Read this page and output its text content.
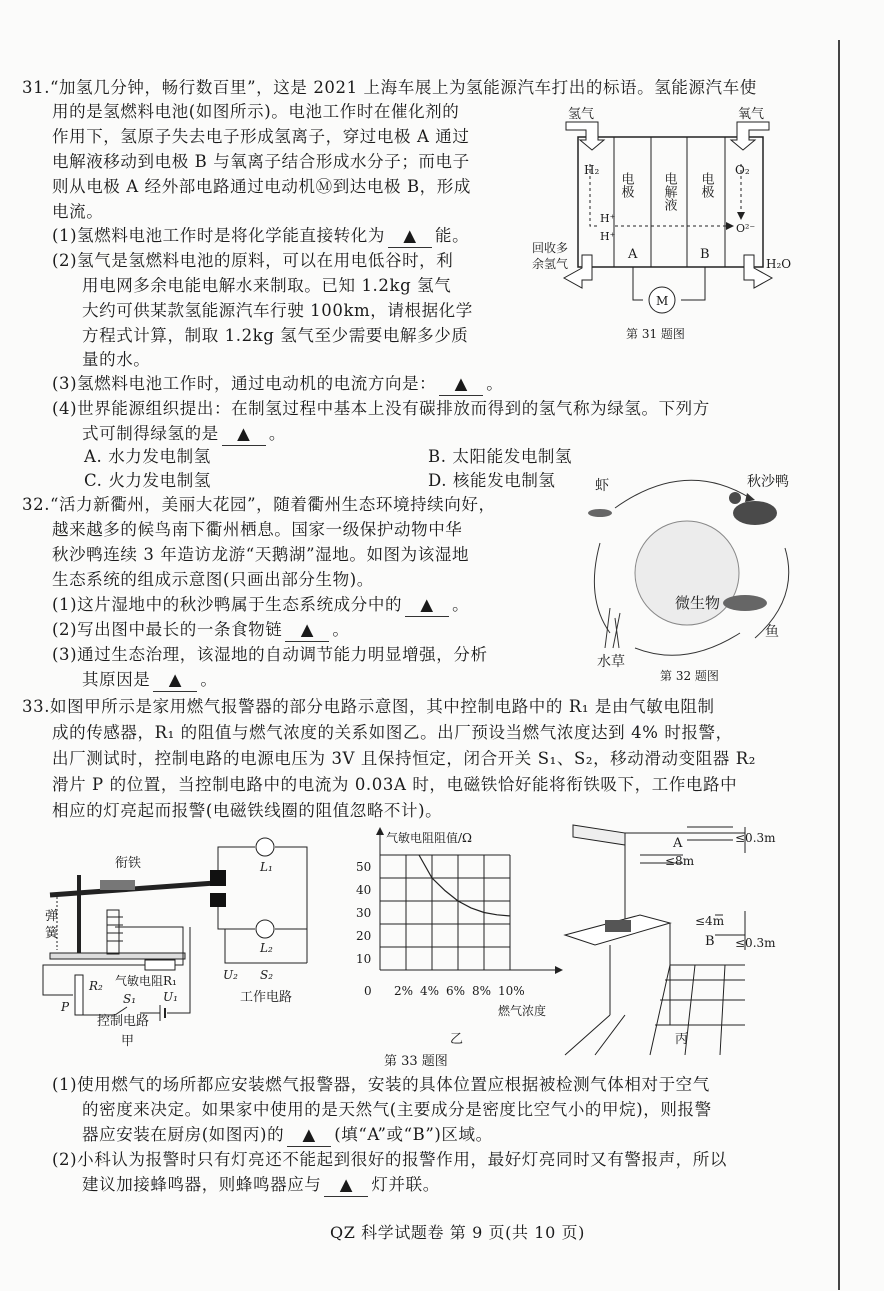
31. “加氢几分钟，畅行数百里”，这是 2021 上海车展上为氢能源汽车打出的标语。氢能源汽车使
用的是氢燃料电池(如图所示)。电池工作时在催化剂的
作用下，氢原子失去电子形成氢离子，穿过电极 A 通过
电解液移动到电极 B 与氧离子结合形成水分子；而电子
则从电极 A 经外部电路通过电动机Ⓜ到达电极 B，形成
电流。
(1)氢燃料电池工作时是将化学能直接转化为 ▲ 能。
(2)氢气是氢燃料电池的原料，可以在用电低谷时，利
用电网多余电能电解水来制取。已知 1.2kg 氢气
大约可供某款氢能源汽车行驶 100km，请根据化学
方程式计算，制取 1.2kg 氢气至少需要电解多少质
量的水。
(3)氢燃料电池工作时，通过电动机的电流方向是： ▲ 。
(4)世界能源组织提出：在制氢过程中基本上没有碳排放而得到的氢气称为绿氢。下列方
式可制得绿氢的是 ▲ 。
A. 水力发电制氢	B. 太阳能发电制氢
C. 火力发电制氢	D. 核能发电制氢
氢气	氧气
H₂
H⁺
H⁺
O₂
O²⁻
电极 电解液 电极
A	B
回收多
余氢气	H₂O
M
第 31 题图
32. “活力新衢州，美丽大花园”，随着衢州生态环境持续向好，
越来越多的候鸟南下衢州栖息。国家一级保护动物中华
秋沙鸭连续 3 年造访龙游“天鹅湖”湿地。如图为该湿地
生态系统的组成示意图(只画出部分生物)。
(1)这片湿地中的秋沙鸭属于生态系统成分中的 ▲ 。
(2)写出图中最长的一条食物链 ▲ 。
(3)通过生态治理，该湿地的自动调节能力明显增强，分析
其原因是 ▲ 。
虾	秋沙鸭
微生物
鱼
水草
第 32 题图
33. 如图甲所示是家用燃气报警器的部分电路示意图，其中控制电路中的 R₁ 是由气敏电阻制
成的传感器，R₁ 的阻值与燃气浓度的关系如图乙。出厂预设当燃气浓度达到 4% 时报警，
出厂测试时，控制电路的电源电压为 3V 且保持恒定，闭合开关 S₁、S₂，移动滑动变阻器 R₂
滑片 P 的位置，当控制电路中的电流为 0.03A 时，电磁铁恰好能将衔铁吸下，工作电路中
相应的灯亮起而报警(电磁铁线圈的阻值忽略不计)。
衔铁
弹
簧
L₁
L₂
U₂ S₂
R₂ 气敏电阻R₁
P
S₁ U₁	工作电路
控制电路
甲
气敏电阻阻值/Ω
50
40
30
20
10
0 2% 4% 6% 8% 10%
燃气浓度
乙
A	≤0.3m
≤8m
≤4m
B ≤0.3m
丙
第 33 题图
(1)使用燃气的场所都应安装燃气报警器，安装的具体位置应根据被检测气体相对于空气
的密度来决定。如果家中使用的是天然气(主要成分是密度比空气小的甲烷)，则报警
器应安装在厨房(如图丙)的 ▲ (填“A”或“B”)区域。
(2)小科认为报警时只有灯亮还不能起到很好的报警作用，最好灯亮同时又有警报声，所以
建议加接蜂鸣器，则蜂鸣器应与 ▲ 灯并联。
QZ 科学试题卷 第 9 页(共 10 页)
